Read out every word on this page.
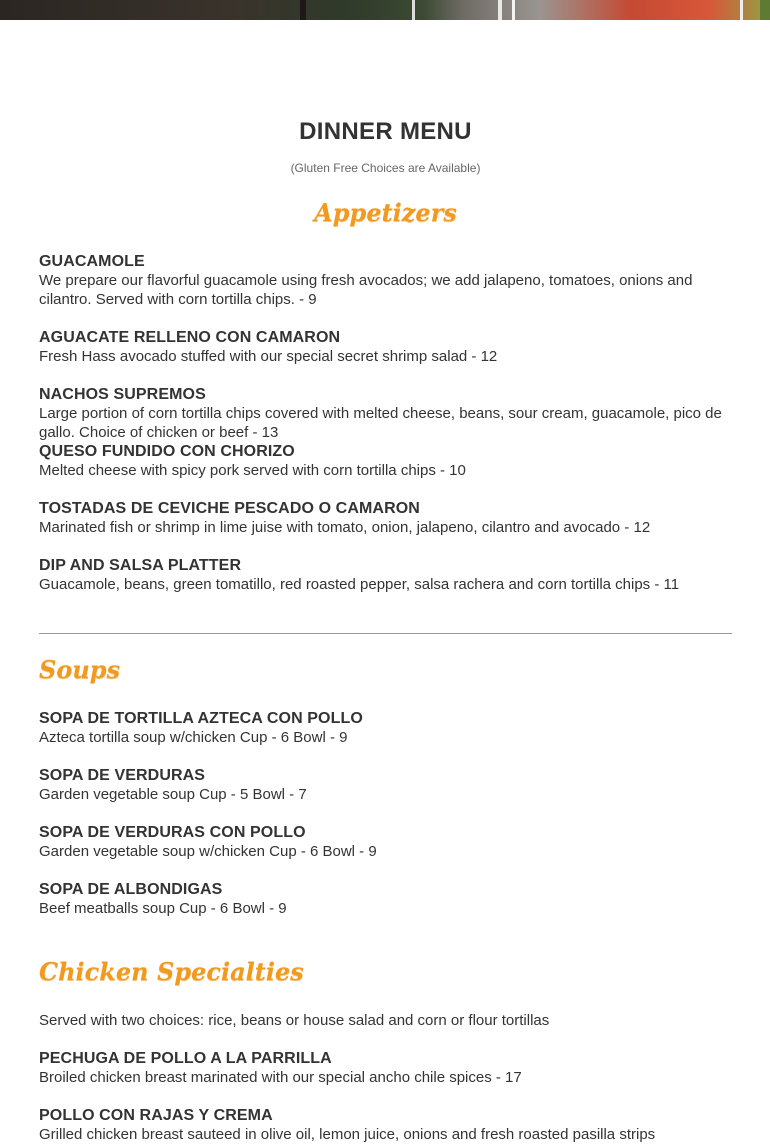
DINNER MENU
(Gluten Free Choices are Available)
Appetizers
GUACAMOLE
We prepare our flavorful guacamole using fresh avocados; we add jalapeno, tomatoes, onions and cilantro. Served with corn tortilla chips. - 9
AGUACATE RELLENO CON CAMARON
Fresh Hass avocado stuffed with our special secret shrimp salad - 12
NACHOS SUPREMOS
Large portion of corn tortilla chips covered with melted cheese, beans, sour cream, guacamole, pico de gallo. Choice of chicken or beef - 13
QUESO FUNDIDO CON CHORIZO
Melted cheese with spicy pork served with corn tortilla chips - 10
TOSTADAS DE CEVICHE PESCADO O CAMARON
Marinated fish or shrimp in lime juise with tomato, onion, jalapeno, cilantro and avocado - 12
DIP AND SALSA PLATTER
Guacamole, beans, green tomatillo, red roasted pepper, salsa rachera and corn tortilla chips - 11
Soups
SOPA DE TORTILLA AZTECA CON POLLO
Azteca tortilla soup w/chicken Cup - 6 Bowl - 9
SOPA DE VERDURAS
Garden vegetable soup Cup - 5 Bowl - 7
SOPA DE VERDURAS CON POLLO
Garden vegetable soup w/chicken Cup - 6 Bowl - 9
SOPA DE ALBONDIGAS
Beef meatballs soup Cup - 6 Bowl - 9
Chicken Specialties
Served with two choices: rice, beans or house salad and corn or flour tortillas
PECHUGA DE POLLO A LA PARRILLA
Broiled chicken breast marinated with our special ancho chile spices - 17
POLLO CON RAJAS Y CREMA
Grilled chicken breast sauteed in olive oil, lemon juice, onions and fresh roasted pasilla strips
